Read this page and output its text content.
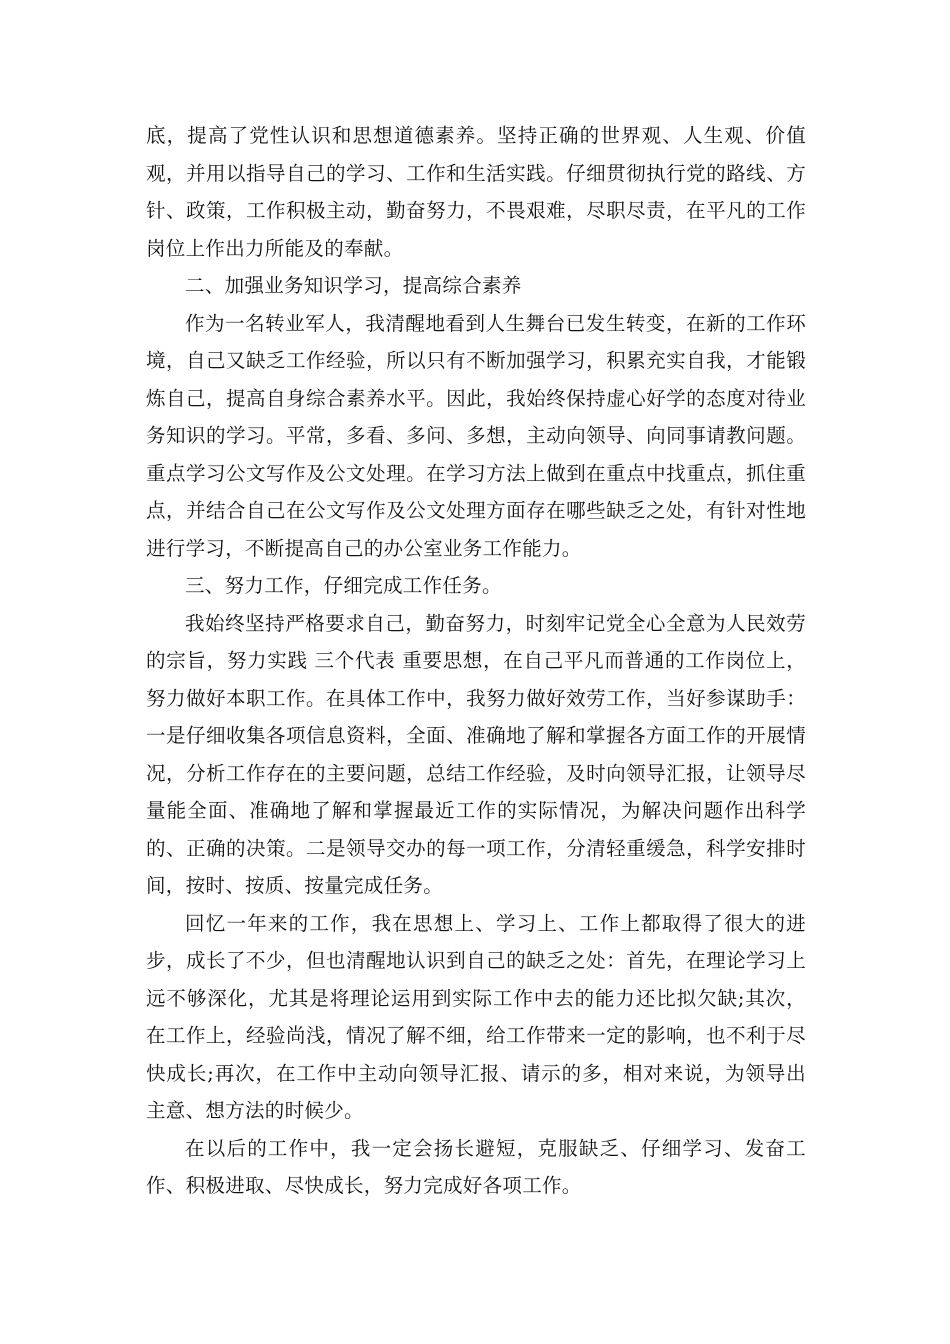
底，提高了党性认识和思想道德素养。坚持正确的世界观、人生观、价值观，并用以指导自己的学习、工作和生活实践。仔细贯彻执行党的路线、方针、政策，工作积极主动，勤奋努力，不畏艰难，尽职尽责，在平凡的工作岗位上作出力所能及的奉献。

二、加强业务知识学习，提高综合素养

作为一名转业军人，我清醒地看到人生舞台已发生转变，在新的工作环境，自己又缺乏工作经验，所以只有不断加强学习，积累充实自我，才能锻炼自己，提高自身综合素养水平。因此，我始终保持虚心好学的态度对待业务知识的学习。平常，多看、多问、多想，主动向领导、向同事请教问题。重点学习公文写作及公文处理。在学习方法上做到在重点中找重点，抓住重点，并结合自己在公文写作及公文处理方面存在哪些缺乏之处，有针对性地进行学习，不断提高自己的办公室业务工作能力。

三、努力工作，仔细完成工作任务。

我始终坚持严格要求自己，勤奋努力，时刻牢记党全心全意为人民效劳的宗旨，努力实践 三个代表 重要思想，在自己平凡而普通的工作岗位上，努力做好本职工作。在具体工作中，我努力做好效劳工作，当好参谋助手：一是仔细收集各项信息资料，全面、准确地了解和掌握各方面工作的开展情况，分析工作存在的主要问题，总结工作经验，及时向领导汇报，让领导尽量能全面、准确地了解和掌握最近工作的实际情况，为解决问题作出科学的、正确的决策。二是领导交办的每一项工作，分清轻重缓急，科学安排时间，按时、按质、按量完成任务。

回忆一年来的工作，我在思想上、学习上、工作上都取得了很大的进步，成长了不少，但也清醒地认识到自己的缺乏之处：首先，在理论学习上远不够深化，尤其是将理论运用到实际工作中去的能力还比拟欠缺;其次，在工作上，经验尚浅，情况了解不细，给工作带来一定的影响，也不利于尽快成长;再次，在工作中主动向领导汇报、请示的多，相对来说，为领导出主意、想方法的时候少。

在以后的工作中，我一定会扬长避短，克服缺乏、仔细学习、发奋工作、积极进取、尽快成长，努力完成好各项工作。
